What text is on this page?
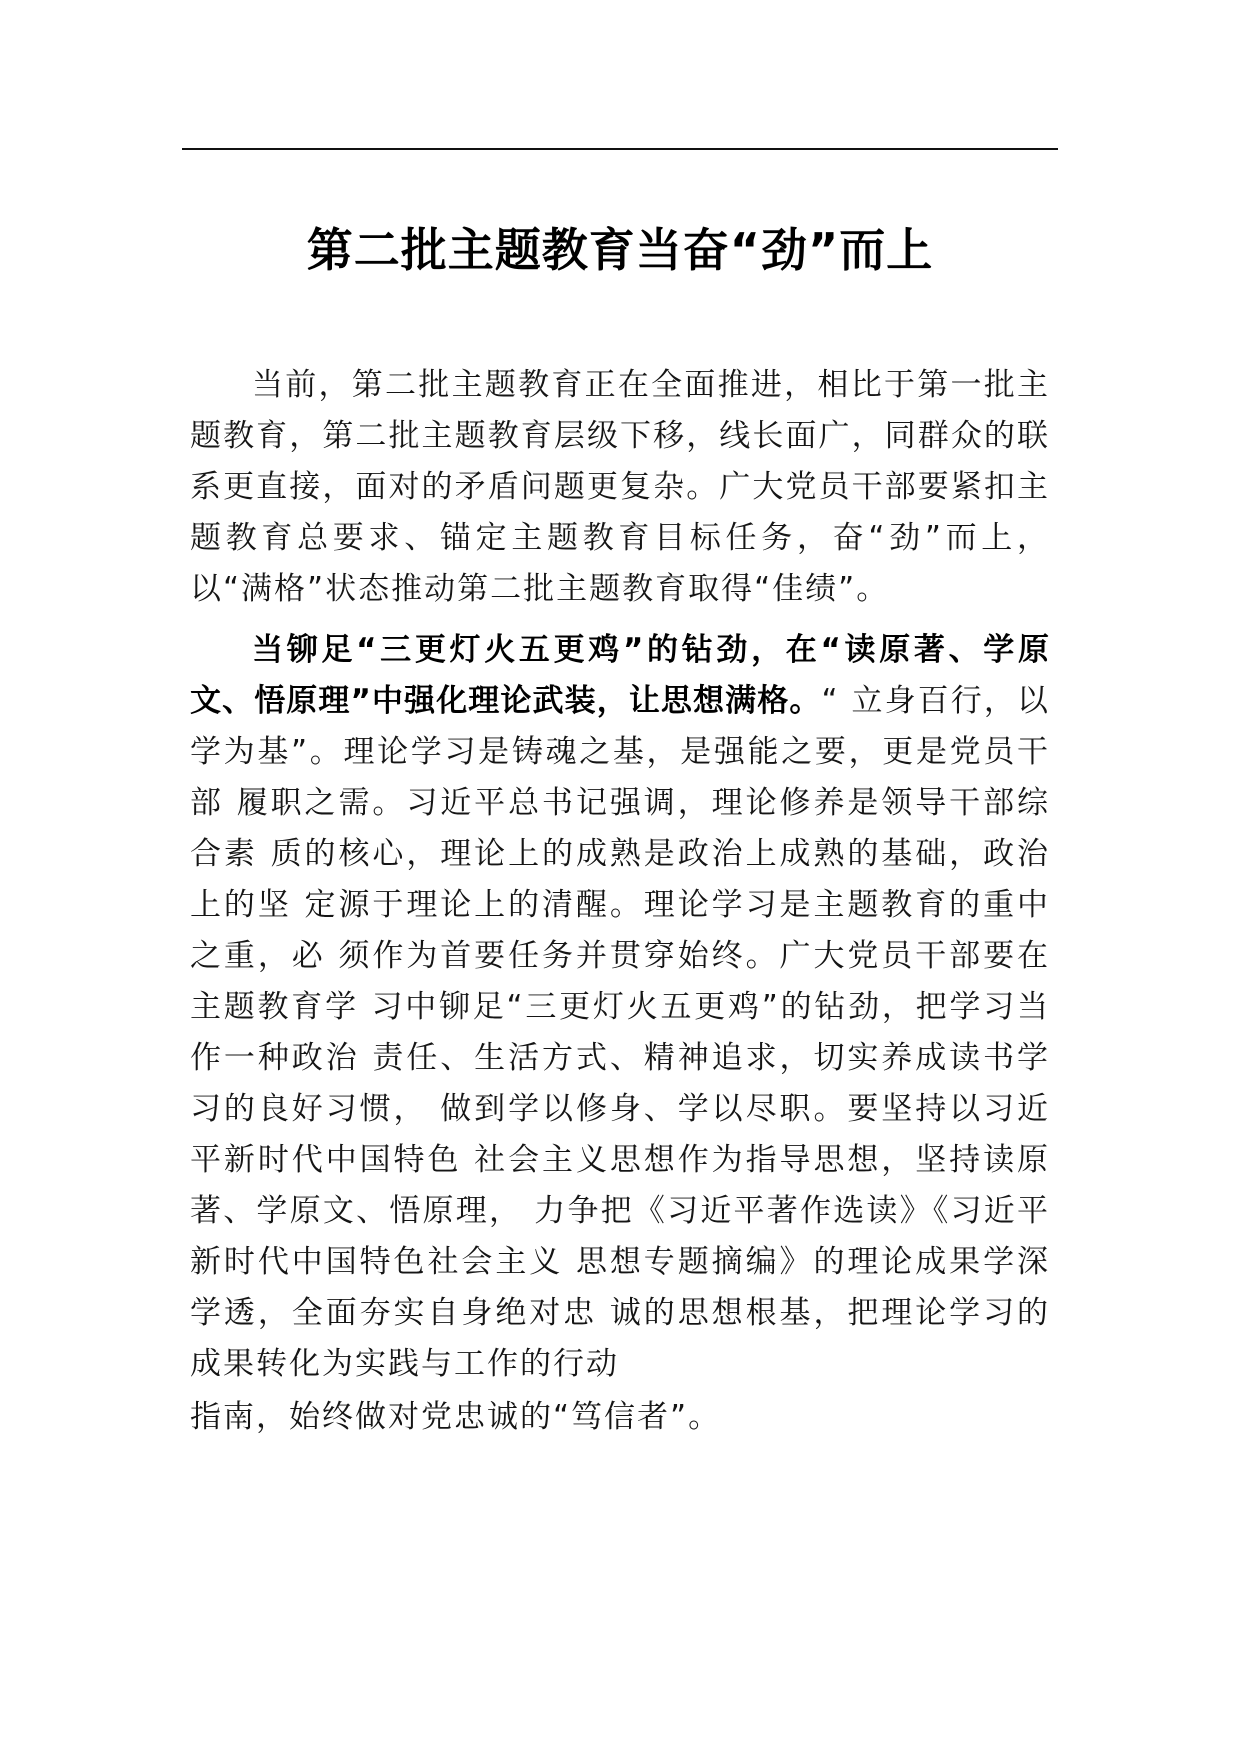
第二批主题教育当奋“劲”而上

当前，第二批主题教育正在全面推进，相比于第一批主题教育，第二批主题教育层级下移，线长面广，同群众的联系更直接，面对的矛盾问题更复杂。广大党员干部要紧扣主题教育总要求、锚定主题教育目标任务，奋“劲”而上，以“满格”状态推动第二批主题教育取得“佳绩”。

当铆足“三更灯火五更鸡”的钻劲，在“读原著、学原文、悟原理”中强化理论武装，让思想满格。“ 立身百行，以 学为基”。理论学习是铸魂之基，是强能之要，更是党员干部 履职之需。习近平总书记强调，理论修养是领导干部综合素 质的核心，理论上的成熟是政治上成熟的基础，政治上的坚 定源于理论上的清醒。理论学习是主题教育的重中之重，必 须作为首要任务并贯穿始终。广大党员干部要在主题教育学 习中铆足“三更灯火五更鸡”的钻劲，把学习当作一种政治 责任、生活方式、精神追求，切实养成读书学习的良好习惯， 做到学以修身、学以尽职。要坚持以习近平新时代中国特色 社会主义思想作为指导思想，坚持读原著、学原文、悟原理， 力争把《习近平著作选读》《习近平新时代中国特色社会主义 思想专题摘编》的理论成果学深学透，全面夯实自身绝对忠 诚的思想根基，把理论学习的成果转化为实践与工作的行动

指南，始终做对党忠诚的“笃信者”。
